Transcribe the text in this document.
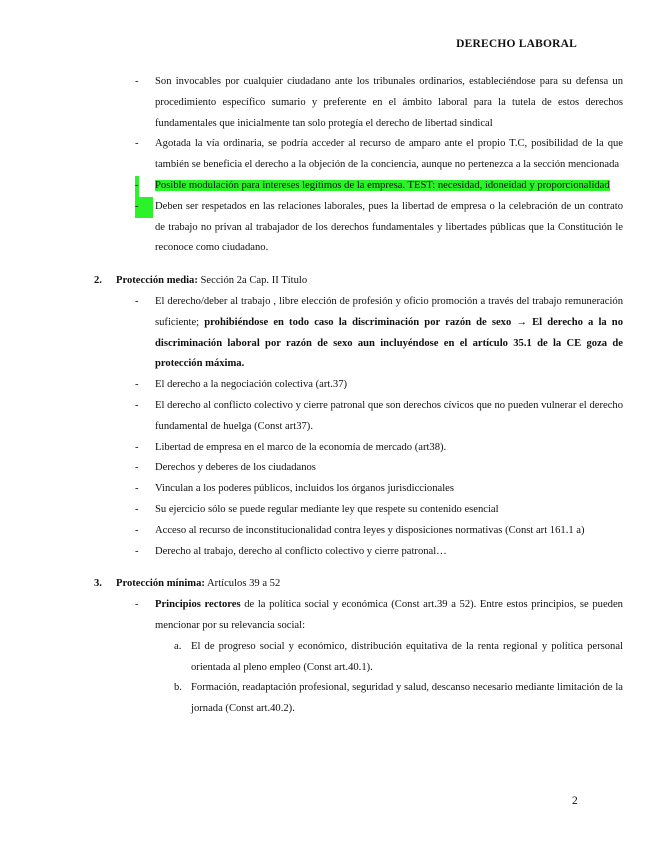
DERECHO LABORAL
- Son invocables por cualquier ciudadano ante los tribunales ordinarios, estableciéndose para su defensa un procedimiento específico sumario y preferente en el ámbito laboral para la tutela de estos derechos fundamentales que inicialmente tan solo protegía el derecho de libertad sindical
- Agotada la vía ordinaria, se podría acceder al recurso de amparo ante el propio T.C, posibilidad de la que también se beneficia el derecho a la objeción de la conciencia, aunque no pertenezca a la sección mencionada
- Posible modulación para intereses legítimos de la empresa. TEST: necesidad, idoneidad y proporcionalidad
-	Deben ser respetados en las relaciones laborales, pues la libertad de empresa o la celebración de un contrato de trabajo no privan al trabajador de los derechos fundamentales y libertades públicas que la Constitución le reconoce como ciudadano.
2. Protección media: Sección 2a Cap. II Título
- El derecho/deber al trabajo , libre elección de profesión y oficio promoción a través del trabajo remuneración suficiente; prohibiéndose en todo caso la discriminación por razón de sexo → El derecho a la no discriminación laboral por razón de sexo aun incluyéndose en el artículo 35.1 de la CE goza de protección máxima.
- El derecho a la negociación colectiva (art.37)
- El derecho al conflicto colectivo y cierre patronal que son derechos cívicos que no pueden vulnerar el derecho fundamental de huelga (Const art37).
- Libertad de empresa en el marco de la economía de mercado (art38).
- Derechos y deberes de los ciudadanos
- Vinculan a los poderes públicos, incluidos los órganos jurisdiccionales
- Su ejercicio sólo se puede regular mediante ley que respete su contenido esencial
- Acceso al recurso de inconstitucionalidad contra leyes y disposiciones normativas (Const art 161.1 a)
- Derecho al trabajo, derecho al conflicto colectivo y cierre patronal…
3. Protección mínima: Artículos 39 a 52
- Principios rectores de la política social y económica (Const art.39 a 52). Entre estos principios, se pueden mencionar por su relevancia social:
a. El de progreso social y económico, distribución equitativa de la renta regional y política personal orientada al pleno empleo (Const art.40.1).
b. Formación, readaptación profesional, seguridad y salud, descanso necesario mediante limitación de la jornada (Const art.40.2).
2
